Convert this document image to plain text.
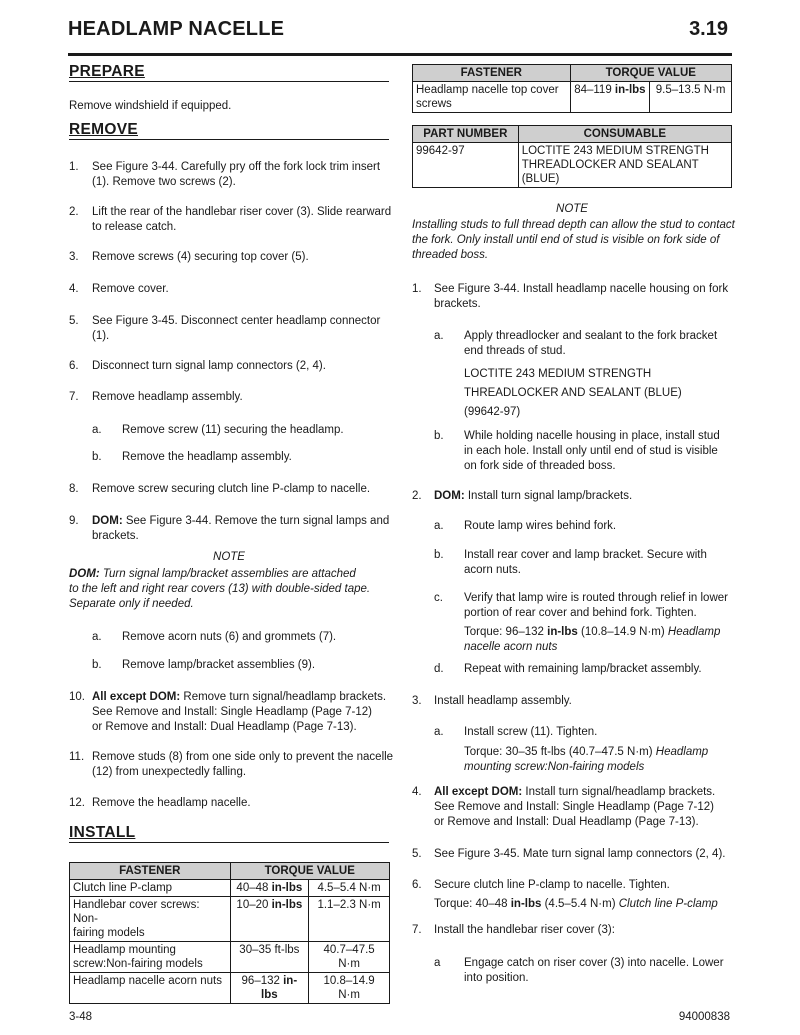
HEADLAMP NACELLE	3.19
PREPARE
Remove windshield if equipped.
REMOVE
1.	See Figure 3-44. Carefully pry off the fork lock trim insert
(1). Remove two screws (2).
2.	Lift the rear of the handlebar riser cover (3). Slide rearward
to release catch.
3.	Remove screws (4) securing top cover (5).
4.	Remove cover.
5.	See Figure 3-45. Disconnect center headlamp connector
(1).
6.	Disconnect turn signal lamp connectors (2, 4).
7.	Remove headlamp assembly.
a.	Remove screw (11) securing the headlamp.
b.	Remove the headlamp assembly.
8.	Remove screw securing clutch line P-clamp to nacelle.
9.	DOM: See Figure 3-44. Remove the turn signal lamps and
brackets.
NOTE
DOM: Turn signal lamp/bracket assemblies are attached
to the left and right rear covers (13) with double-sided tape.
Separate only if needed.
a.	Remove acorn nuts (6) and grommets (7).
b.	Remove lamp/bracket assemblies (9).
10. All except DOM: Remove turn signal/headlamp brackets.
See Remove and Install: Single Headlamp (Page 7-12)
or Remove and Install: Dual Headlamp (Page 7-13).
11. Remove studs (8) from one side only to prevent the nacelle
(12) from unexpectedly falling.
12. Remove the headlamp nacelle.
INSTALL
FASTENER	TORQUE VALUE	
Clutch line P-clamp	40–48 in-lbs	4.5–5.4 N·m
Handlebar cover screws: Non-
fairing models	10–20 in-lbs	1.1–2.3 N·m
Headlamp mounting
screw:Non-fairing models	30–35 ft-lbs	40.7–47.5 N·m
Headlamp nacelle acorn nuts	96–132 in-lbs	10.8–14.9 N·m
FASTENER	TORQUE VALUE	
Headlamp nacelle top cover
screws	84–119 in-lbs	9.5–13.5 N·m
PART NUMBER	CONSUMABLE
99642-97	LOCTITE 243 MEDIUM STRENGTH
THREADLOCKER AND SEALANT
(BLUE)
NOTE
Installing studs to full thread depth can allow the stud to contact
the fork. Only install until end of stud is visible on fork side of
threaded boss.
1.	See Figure 3-44. Install headlamp nacelle housing on fork
brackets.
a.	Apply threadlocker and sealant to the fork bracket
end threads of stud.
LOCTITE 243 MEDIUM STRENGTH
THREADLOCKER AND SEALANT (BLUE)
(99642-97)
b.	While holding nacelle housing in place, install stud
in each hole. Install only until end of stud is visible
on fork side of threaded boss.
2.	DOM: Install turn signal lamp/brackets.
a.	Route lamp wires behind fork.
b.	Install rear cover and lamp bracket. Secure with
acorn nuts.
c.	Verify that lamp wire is routed through relief in lower
portion of rear cover and behind fork. Tighten.
Torque: 96–132 in-lbs (10.8–14.9 N·m) Headlamp
nacelle acorn nuts
d.	Repeat with remaining lamp/bracket assembly.
3.	Install headlamp assembly.
a.	Install screw (11). Tighten.
Torque: 30–35 ft-lbs (40.7–47.5 N·m) Headlamp
mounting screw:Non-fairing models
4.	All except DOM: Install turn signal/headlamp brackets.
See Remove and Install: Single Headlamp (Page 7-12)
or Remove and Install: Dual Headlamp (Page 7-13).
5.	See Figure 3-45. Mate turn signal lamp connectors (2, 4).
6.	Secure clutch line P-clamp to nacelle. Tighten.
Torque: 40–48 in-lbs (4.5–5.4 N·m) Clutch line P-clamp
7.	Install the handlebar riser cover (3):
a	Engage catch on riser cover (3) into nacelle. Lower
into position.
3-48	94000838
